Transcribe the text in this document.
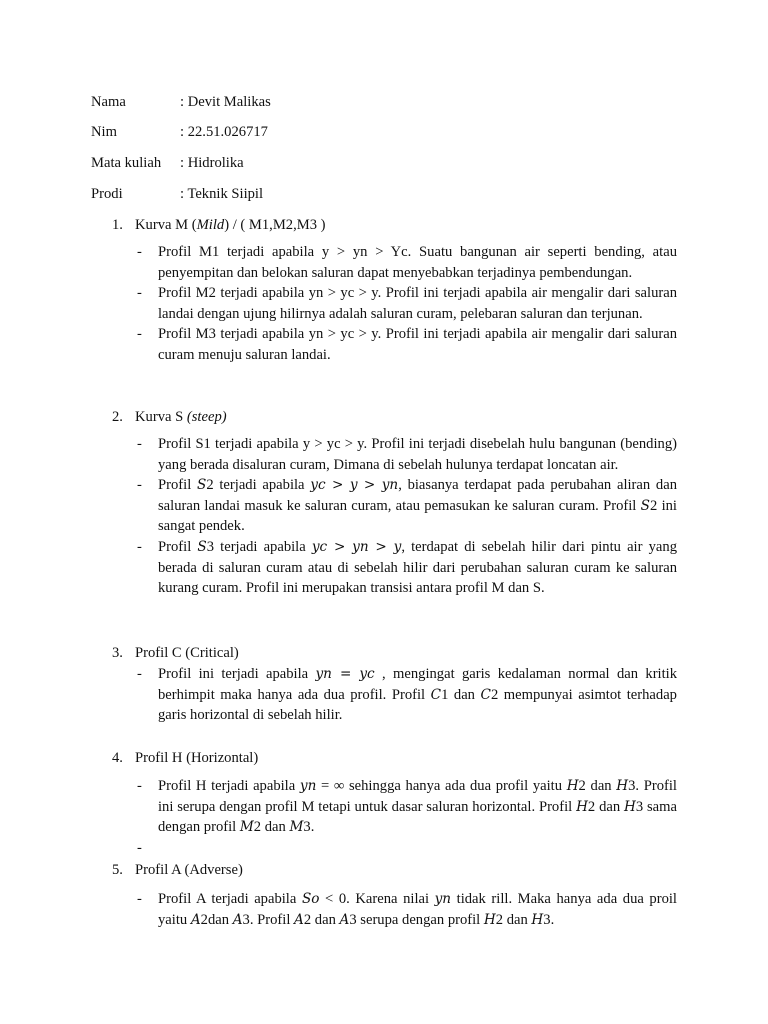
Nama	: Devit Malikas
Nim	: 22.51.026717
Mata kuliah : Hidrolika
Prodi	: Teknik Siipil
1. Kurva M (Mild) / ( M1,M2,M3 )
- Profil M1 terjadi apabila y > yn > Yc. Suatu bangunan air seperti bending, atau penyempitan dan belokan saluran dapat menyebabkan terjadinya pembendungan.
- Profil M2 terjadi apabila yn > yc > y. Profil ini terjadi apabila air mengalir dari saluran landai dengan ujung hilirnya adalah saluran curam, pelebaran saluran dan terjunan.
- Profil M3 terjadi apabila yn > yc > y. Profil ini terjadi apabila air mengalir dari saluran curam menuju saluran landai.
2. Kurva S (steep)
- Profil S1 terjadi apabila y > yc > y. Profil ini terjadi disebelah hulu bangunan (bending) yang berada disaluran curam, Dimana di sebelah hulunya terdapat loncatan air.
- Profil S2 terjadi apabila yc > y > yn, biasanya terdapat pada perubahan aliran dan saluran landai masuk ke saluran curam, atau pemasukan ke saluran curam. Profil S2 ini sangat pendek.
- Profil S3 terjadi apabila yc > yn > y, terdapat di sebelah hilir dari pintu air yang berada di saluran curam atau di sebelah hilir dari perubahan saluran curam ke saluran kurang curam. Profil ini merupakan transisi antara profil M dan S.
3. Profil C (Critical)
- Profil ini terjadi apabila yn = yc , mengingat garis kedalaman normal dan kritik berhimpit maka hanya ada dua profil. Profil C1 dan C2 mempunyai asimtot terhadap garis horizontal di sebelah hilir.
4. Profil H (Horizontal)
- Profil H terjadi apabila yn = ∞ sehingga hanya ada dua profil yaitu H2 dan H3. Profil ini serupa dengan profil M tetapi untuk dasar saluran horizontal. Profil H2 dan H3 sama dengan profil M2 dan M3.
-

5. Profil A (Adverse)
- Profil A terjadi apabila So < 0. Karena nilai yn tidak rill. Maka hanya ada dua proil yaitu A2dan A3. Profil A2 dan A3 serupa dengan profil H2 dan H3.
